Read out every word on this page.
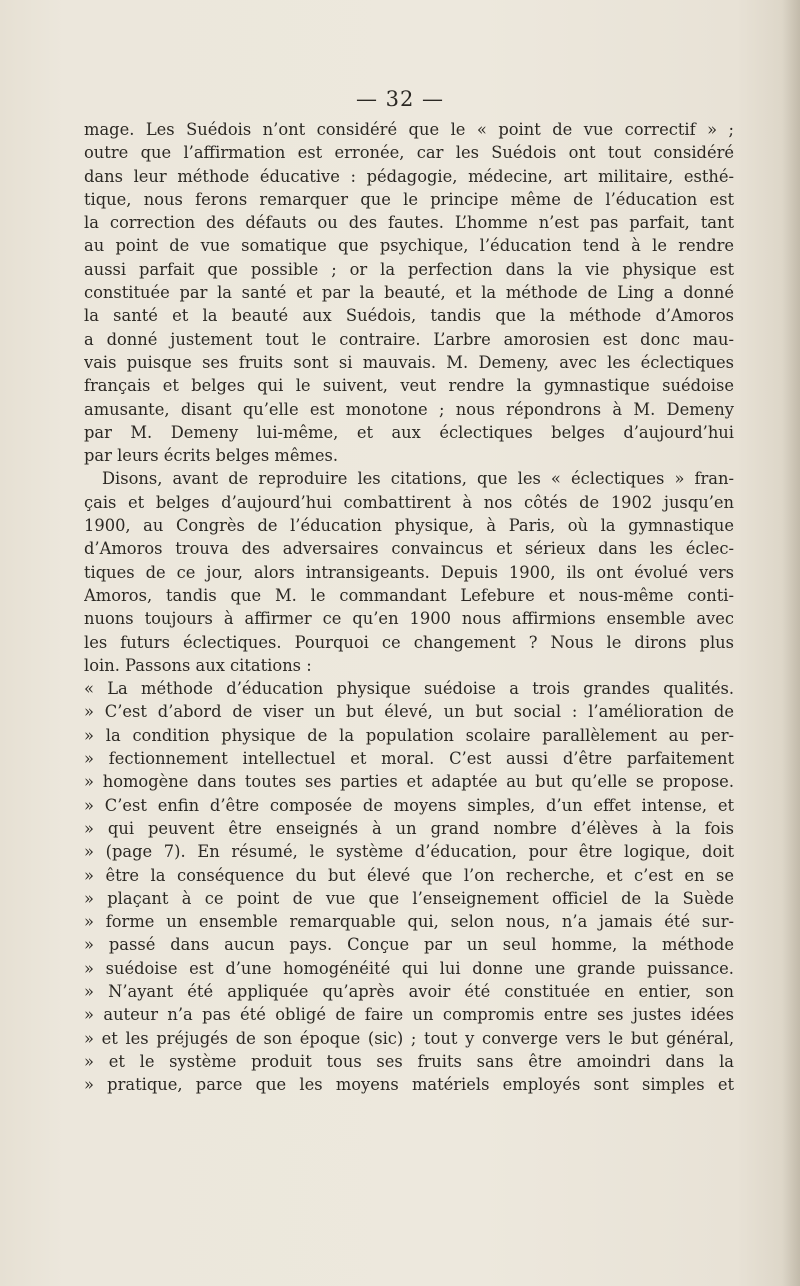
— 32 —
mage. Les Suédois n’ont considéré que le « point de vue correctif » ;
outre que l’affirmation est erronée, car les Suédois ont tout considéré
dans leur méthode éducative : pédagogie, médecine, art militaire, esthé-
tique, nous ferons remarquer que le principe même de l’éducation est
la correction des défauts ou des fautes. L’homme n’est pas parfait, tant
au point de vue somatique que psychique, l’éducation tend à le rendre
aussi parfait que possible ; or la perfection dans la vie physique est
constituée par la santé et par la beauté, et la méthode de Ling a donné
la santé et la beauté aux Suédois, tandis que la méthode d’Amoros
a donné justement tout le contraire. L’arbre amorosien est donc mau-
vais puisque ses fruits sont si mauvais. M. Demeny, avec les éclectiques
français et belges qui le suivent, veut rendre la gymnastique suédoise
amusante, disant qu’elle est monotone ; nous répondrons à M. Demeny
par M. Demeny lui-même, et aux éclectiques belges d’aujourd’hui
par leurs écrits belges mêmes.
Disons, avant de reproduire les citations, que les « éclectiques » fran-
çais et belges d’aujourd’hui combattirent à nos côtés de 1902 jusqu’en
1900, au Congrès de l’éducation physique, à Paris, où la gymnastique
d’Amoros trouva des adversaires convaincus et sérieux dans les éclec-
tiques de ce jour, alors intransigeants. Depuis 1900, ils ont évolué vers
Amoros, tandis que M. le commandant Lefebure et nous-même conti-
nuons toujours à affirmer ce qu’en 1900 nous affirmions ensemble avec
les futurs éclectiques. Pourquoi ce changement ? Nous le dirons plus
loin. Passons aux citations :
« La méthode d’éducation physique suédoise a trois grandes qualités.
» C’est d’abord de viser un but élevé, un but social : l’amélioration de
» la condition physique de la population scolaire parallèlement au per-
» fectionnement intellectuel et moral. C’est aussi d’être parfaitement
» homogène dans toutes ses parties et adaptée au but qu’elle se propose.
» C’est enfin d’être composée de moyens simples, d’un effet intense, et
» qui peuvent être enseignés à un grand nombre d’élèves à la fois
» (page 7). En résumé, le système d’éducation, pour être logique, doit
» être la conséquence du but élevé que l’on recherche, et c’est en se
» plaçant à ce point de vue que l’enseignement officiel de la Suède
» forme un ensemble remarquable qui, selon nous, n’a jamais été sur-
» passé dans aucun pays. Conçue par un seul homme, la méthode
» suédoise est d’une homogénéité qui lui donne une grande puissance.
» N’ayant été appliquée qu’après avoir été constituée en entier, son
» auteur n’a pas été obligé de faire un compromis entre ses justes idées
» et les préjugés de son époque (sic) ; tout y converge vers le but général,
» et le système produit tous ses fruits sans être amoindri dans la
» pratique, parce que les moyens matériels employés sont simples et
